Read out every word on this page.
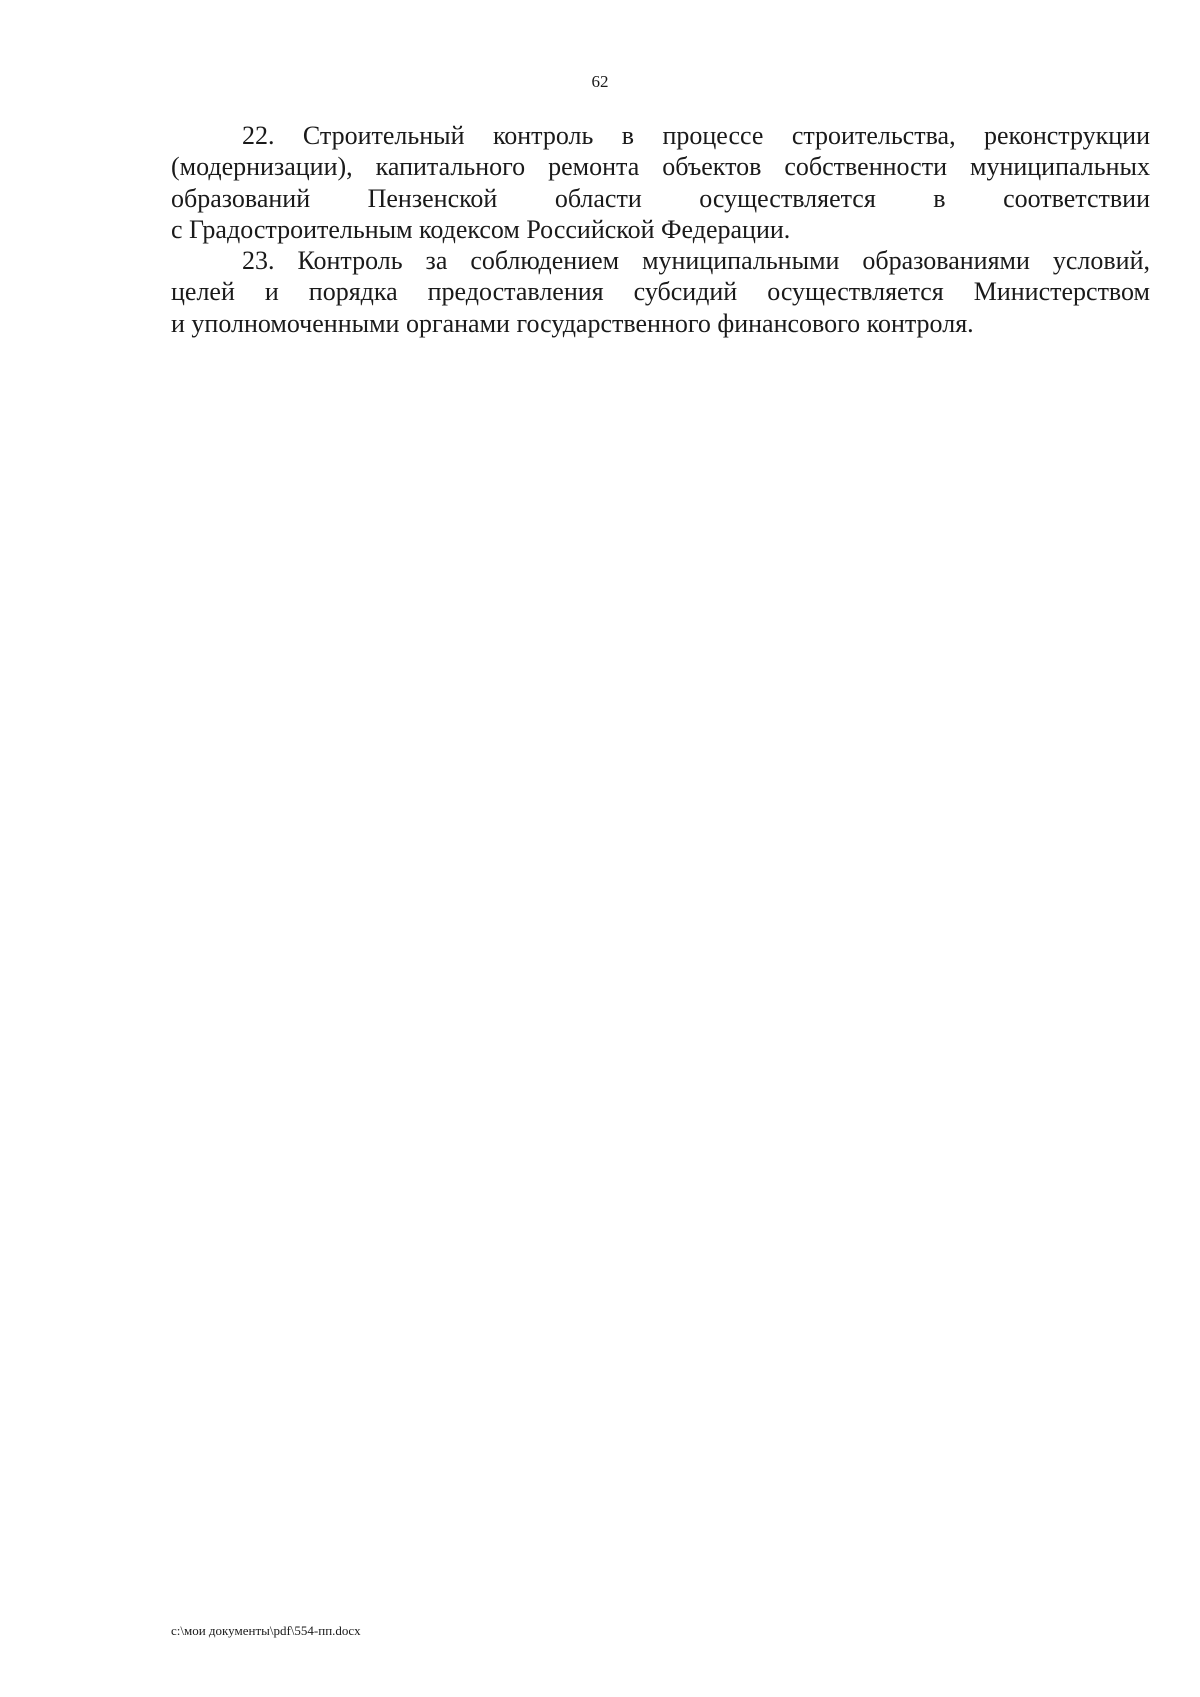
62

22. Строительный контроль в процессе строительства, реконструкции
(модернизации), капитального ремонта объектов собственности муниципальных
образований Пензенской области осуществляется в соответствии
с Градостроительным кодексом Российской Федерации.

23. Контроль за соблюдением муниципальными образованиями условий,
целей и порядка предоставления субсидий осуществляется Министерством
и уполномоченными органами государственного финансового контроля.

c:\мои документы\pdf\554-пп.docx
